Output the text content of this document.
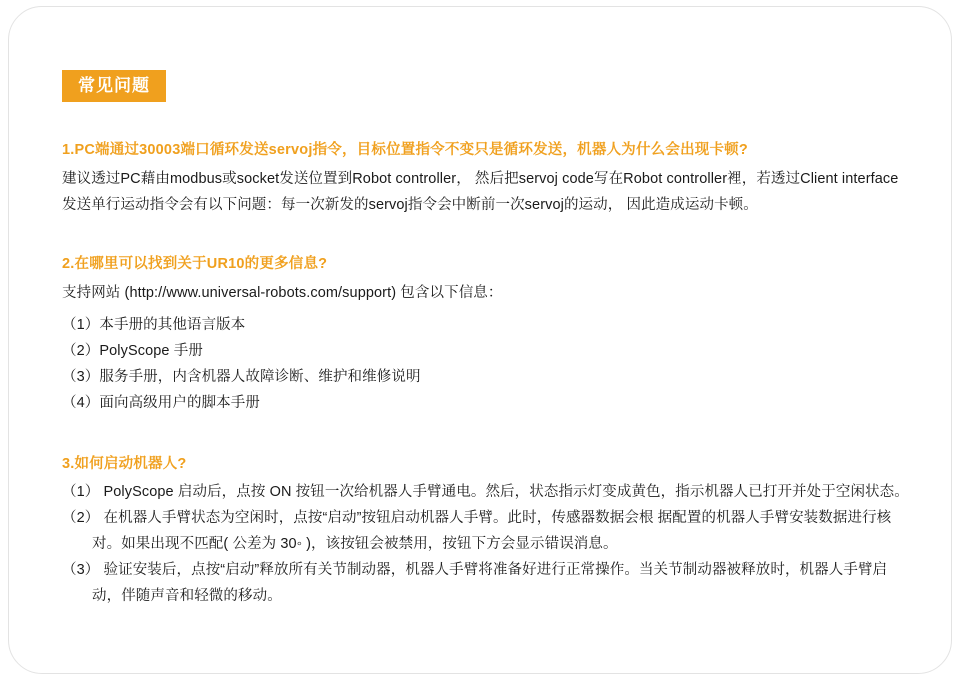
常见问题

1.PC端通过30003端口循环发送servoj指令，目标位置指令不变只是循环发送，机器人为什么会出现卡顿?

建议透过PC藉由modbus或socket发送位置到Robot controller， 然后把servoj code写在Robot controller裡，若透过Client interface发送单行运动指令会有以下问题：每一次新发的servoj指令会中断前一次servoj的运动， 因此造成运动卡顿。

2.在哪里可以找到关于UR10的更多信息?

支持网站 (http://www.universal-robots.com/support) 包含以下信息：

（1）本手册的其他语言版本
（2）PolyScope 手册
（3）服务手册，内含机器人故障诊断、维护和维修说明
（4）面向高级用户的脚本手册

3.如何启动机器人?

（1） PolyScope 启动后，点按 ON 按钮一次给机器人手臂通电。然后，状态指示灯变成黄色，指示机器人已打开并处于空闲状态。
（2） 在机器人手臂状态为空闲时，点按“启动”按钮启动机器人手臂。此时，传感器数据会根 据配置的机器人手臂安装数据进行核对。如果出现不匹配( 公差为 30◦ )，该按钮会被禁用，按钮下方会显示错误消息。
（3） 验证安装后，点按“启动”释放所有关节制动器，机器人手臂将准备好进行正常操作。当关节制动器被释放时，机器人手臂启动，伴随声音和轻微的移动。
